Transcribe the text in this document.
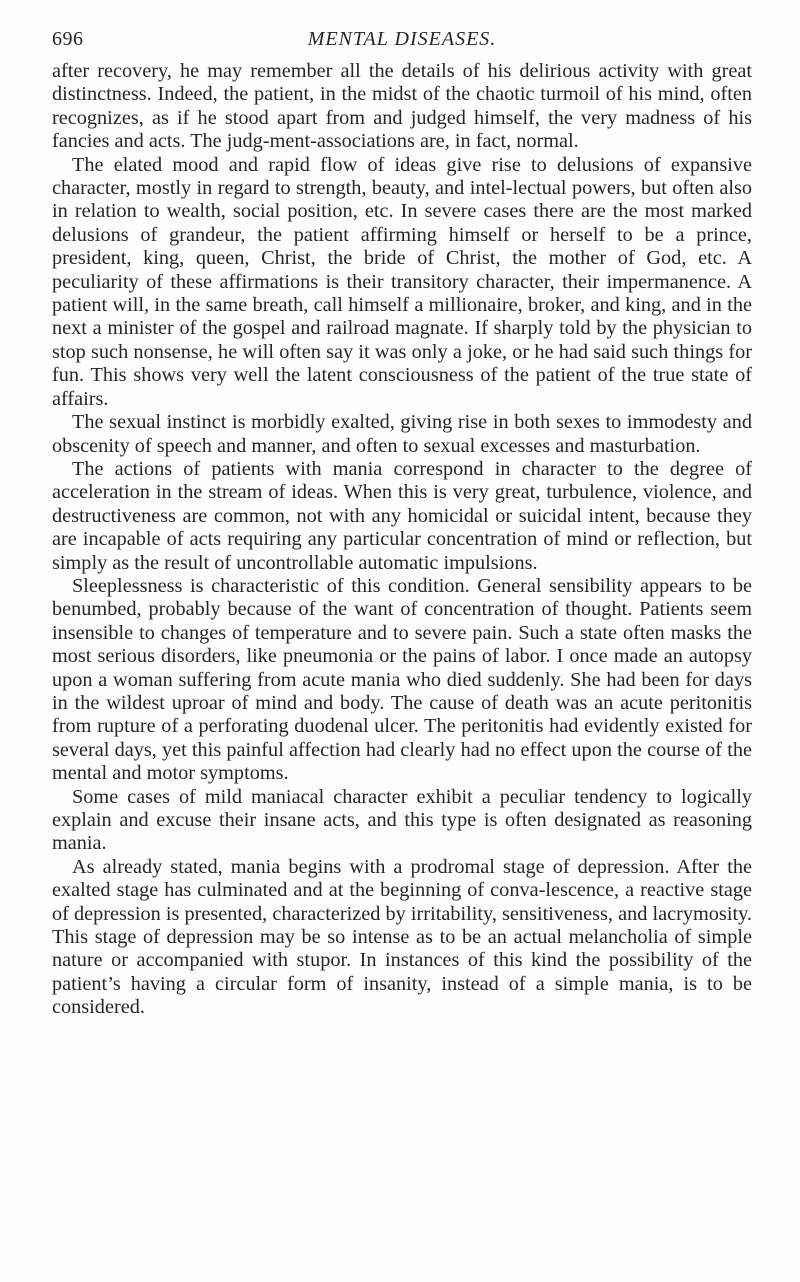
696	MENTAL DISEASES.

after recovery, he may remember all the details of his delirious activity with great distinctness. Indeed, the patient, in the midst of the chaotic turmoil of his mind, often recognizes, as if he stood apart from and judged himself, the very madness of his fancies and acts. The judg-ment-associations are, in fact, normal.

The elated mood and rapid flow of ideas give rise to delusions of expansive character, mostly in regard to strength, beauty, and intel-lectual powers, but often also in relation to wealth, social position, etc. In severe cases there are the most marked delusions of grandeur, the patient affirming himself or herself to be a prince, president, king, queen, Christ, the bride of Christ, the mother of God, etc. A peculiarity of these affirmations is their transitory character, their impermanence. A patient will, in the same breath, call himself a millionaire, broker, and king, and in the next a minister of the gospel and railroad magnate. If sharply told by the physician to stop such nonsense, he will often say it was only a joke, or he had said such things for fun. This shows very well the latent consciousness of the patient of the true state of affairs.

The sexual instinct is morbidly exalted, giving rise in both sexes to immodesty and obscenity of speech and manner, and often to sexual excesses and masturbation.

The actions of patients with mania correspond in character to the degree of acceleration in the stream of ideas. When this is very great, turbulence, violence, and destructiveness are common, not with any homicidal or suicidal intent, because they are incapable of acts requiring any particular concentration of mind or reflection, but simply as the result of uncontrollable automatic impulsions.

Sleeplessness is characteristic of this condition. General sensibility appears to be benumbed, probably because of the want of concentration of thought. Patients seem insensible to changes of temperature and to severe pain. Such a state often masks the most serious disorders, like pneumonia or the pains of labor. I once made an autopsy upon a woman suffering from acute mania who died suddenly. She had been for days in the wildest uproar of mind and body. The cause of death was an acute peritonitis from rupture of a perforating duodenal ulcer. The peritonitis had evidently existed for several days, yet this painful affection had clearly had no effect upon the course of the mental and motor symptoms.

Some cases of mild maniacal character exhibit a peculiar tendency to logically explain and excuse their insane acts, and this type is often designated as reasoning mania.

As already stated, mania begins with a prodromal stage of depression. After the exalted stage has culminated and at the beginning of conva-lescence, a reactive stage of depression is presented, characterized by irritability, sensitiveness, and lacrymosity. This stage of depression may be so intense as to be an actual melancholia of simple nature or accompanied with stupor. In instances of this kind the possibility of the patient’s having a circular form of insanity, instead of a simple mania, is to be considered.
